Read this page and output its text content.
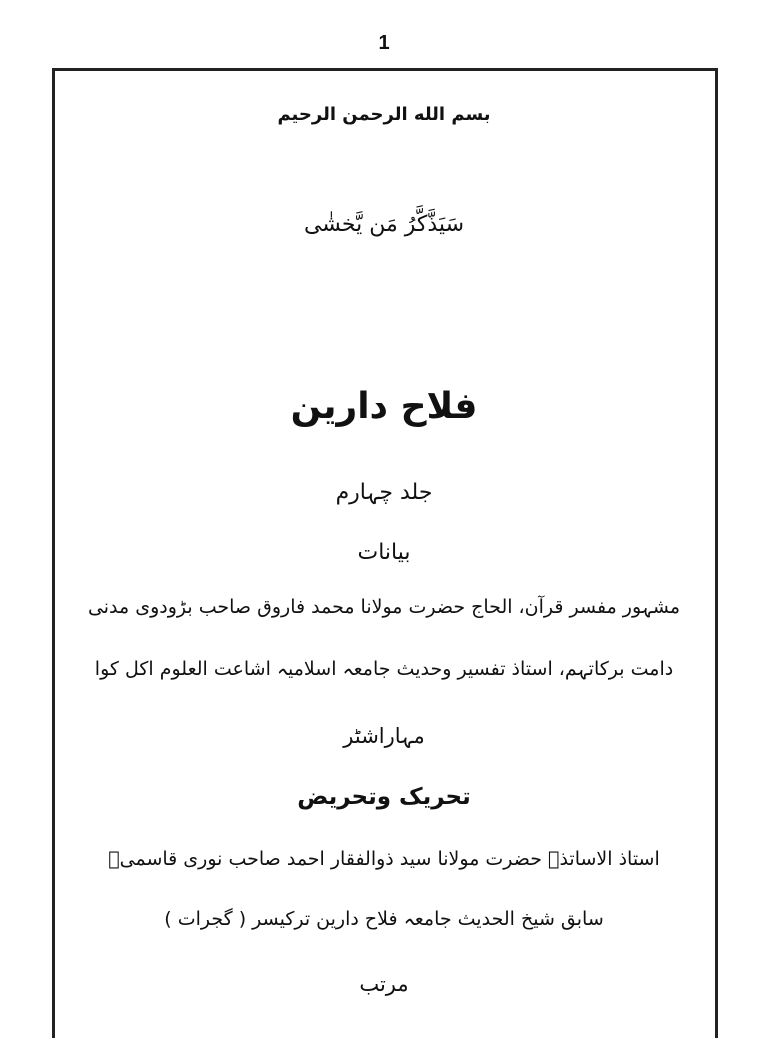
1
بسم الله الرحمن الرحيم
سَيَذَّكَّرُ مَن يَّخشٰى
فلاح دارین
جلد چہارم
بیانات
مشہور مفسر قرآن، الحاج حضرت مولانا محمد فاروق صاحب بڑودوی مدنی
دامت برکاتہم، استاذ تفسیر وحدیث جامعہ اسلامیہ اشاعت العلوم اکل کوا
مہاراشٹر
تحریک وتحریض
استاذ الاساتذہ حضرت مولانا سید ذوالفقار احمد صاحب نوری قاسمیؒ
سابق شیخ الحدیث جامعہ فلاح دارین ترکیسر ( گجرات )
مرتب
